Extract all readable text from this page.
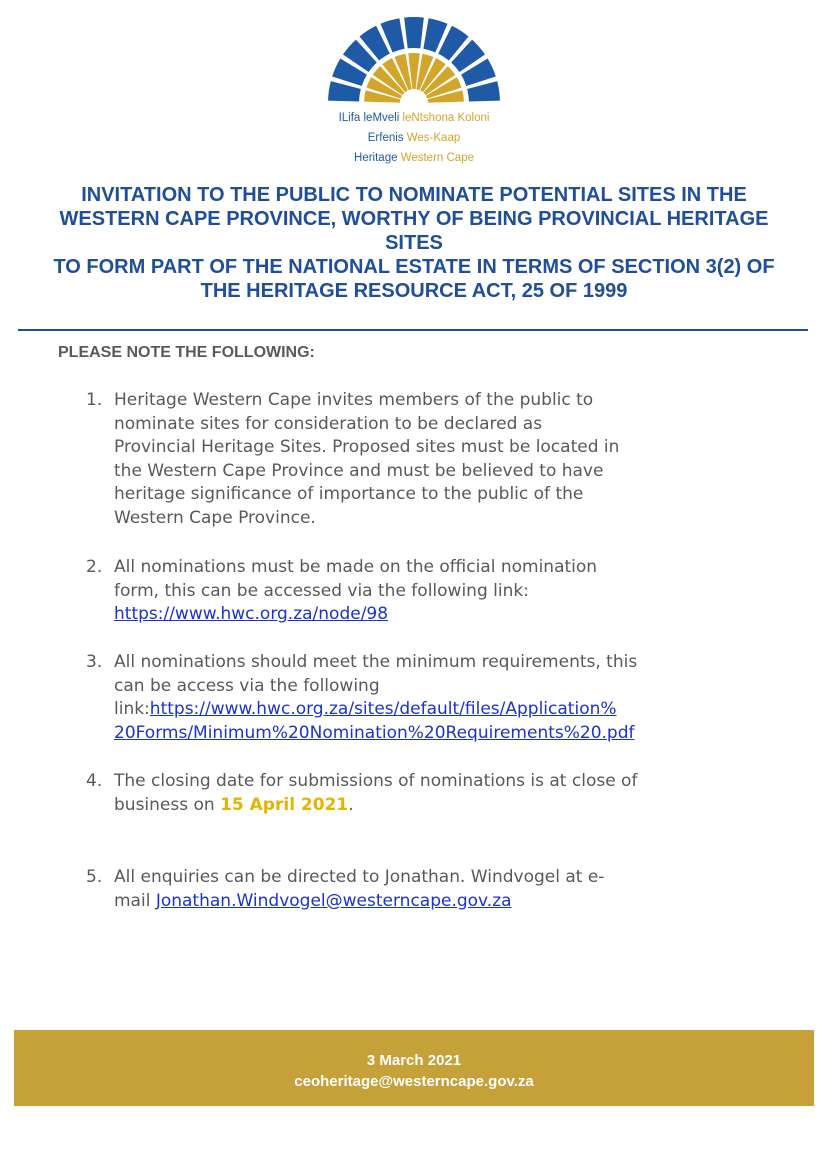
ILifa leMveli leNtshona Koloni
Erfenis Wes-Kaap
Heritage Western Cape
INVITATION TO THE PUBLIC TO NOMINATE POTENTIAL SITES IN THE
WESTERN CAPE PROVINCE, WORTHY OF BEING PROVINCIAL HERITAGE
SITES
TO FORM PART OF THE NATIONAL ESTATE IN TERMS OF SECTION 3(2) OF
THE HERITAGE RESOURCE ACT, 25 OF 1999
PLEASE NOTE THE FOLLOWING:
1. Heritage Western Cape invites members of the public to
nominate sites for consideration to be declared as
Provincial Heritage Sites. Proposed sites must be located in
the Western Cape Province and must be believed to have
heritage significance of importance to the public of the
Western Cape Province.
2. All nominations must be made on the official nomination
form, this can be accessed via the following link:
https://www.hwc.org.za/node/98
3. All nominations should meet the minimum requirements, this
can be access via the following
link:https://www.hwc.org.za/sites/default/files/Application%
20Forms/Minimum%20Nomination%20Requirements%20.pdf
4. The closing date for submissions of nominations is at close of
business on 15 April 2021.
5. All enquiries can be directed to Jonathan. Windvogel at e-
mail Jonathan.Windvogel@westerncape.gov.za
3 March 2021
ceoheritage@westerncape.gov.za
